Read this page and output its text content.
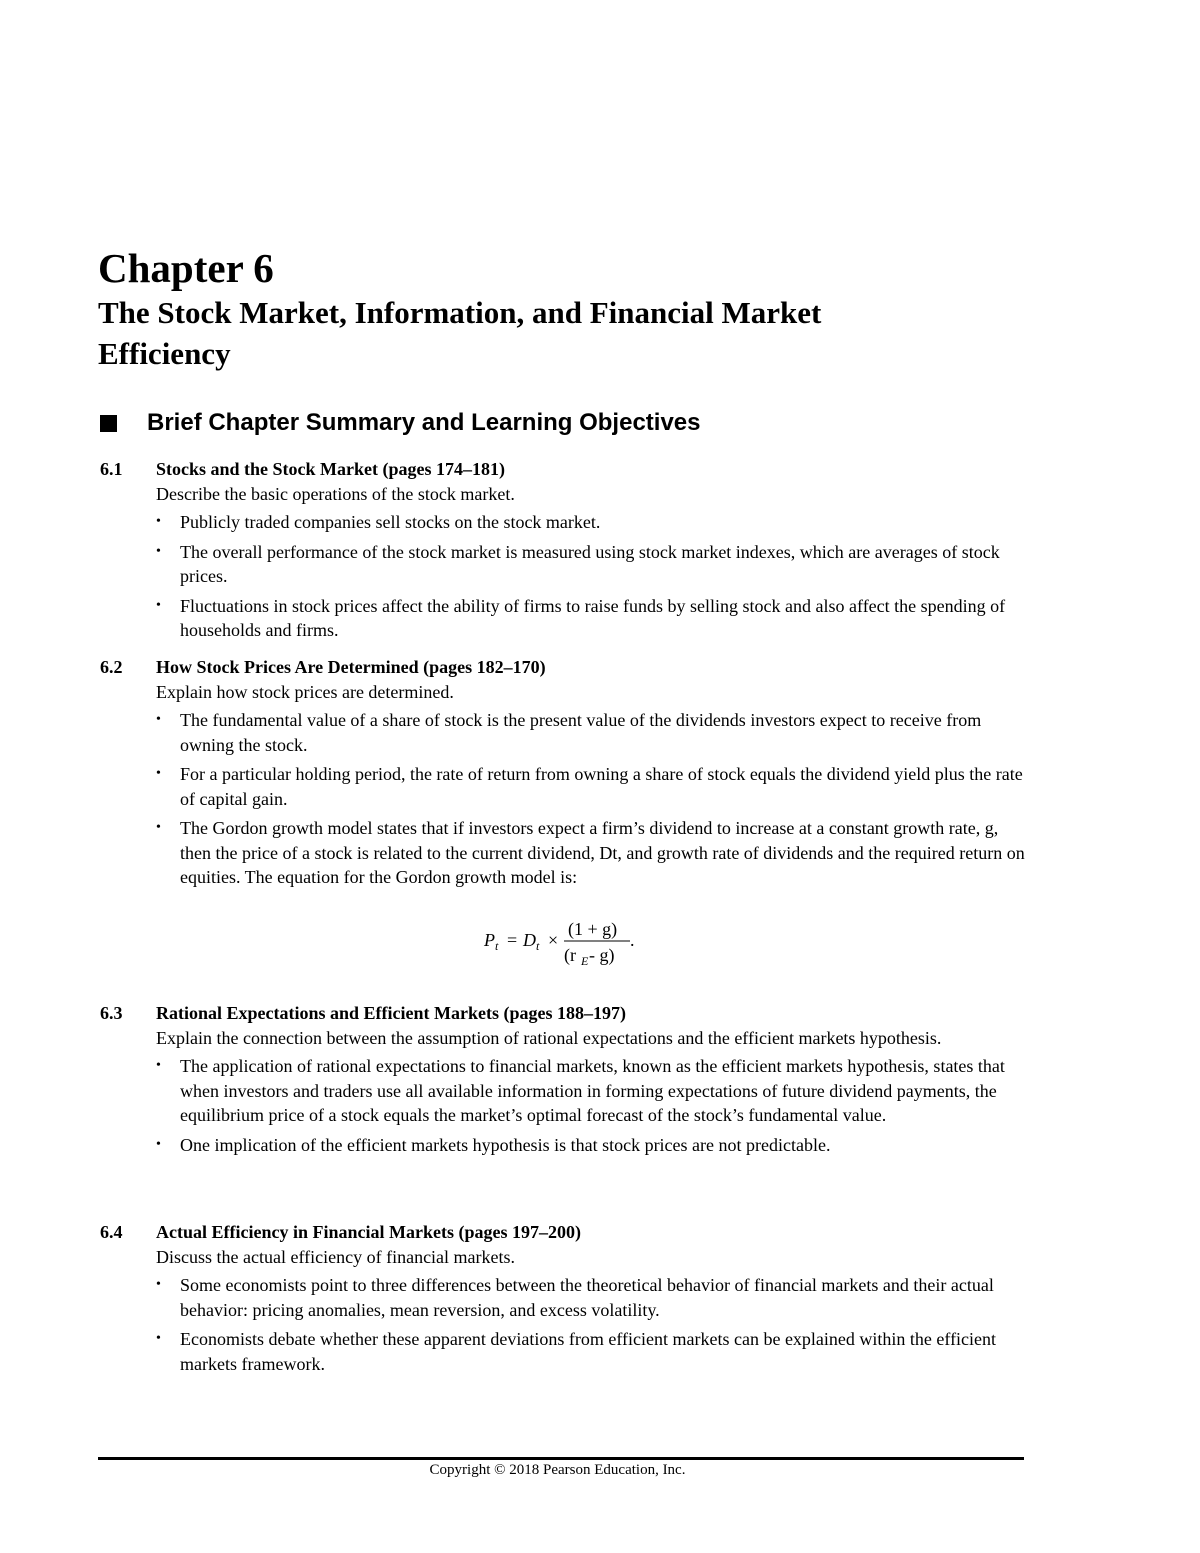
Chapter 6
The Stock Market, Information, and Financial Market Efficiency
Brief Chapter Summary and Learning Objectives
6.1	Stocks and the Stock Market (pages 174–181)
Describe the basic operations of the stock market.
• Publicly traded companies sell stocks on the stock market.
• The overall performance of the stock market is measured using stock market indexes, which are averages of stock prices.
• Fluctuations in stock prices affect the ability of firms to raise funds by selling stock and also affect the spending of households and firms.
6.2	How Stock Prices Are Determined (pages 182–170)
Explain how stock prices are determined.
• The fundamental value of a share of stock is the present value of the dividends investors expect to receive from owning the stock.
• For a particular holding period, the rate of return from owning a share of stock equals the dividend yield plus the rate of capital gain.
• The Gordon growth model states that if investors expect a firm’s dividend to increase at a constant growth rate, g, then the price of a stock is related to the current dividend, Dt, and growth rate of dividends and the required return on equities. The equation for the Gordon growth model is:
P t = D t ×
(1 + g)
(r E - g)
.
6.3	Rational Expectations and Efficient Markets (pages 188–197)
Explain the connection between the assumption of rational expectations and the efficient markets hypothesis.
• The application of rational expectations to financial markets, known as the efficient markets hypothesis, states that when investors and traders use all available information in forming expectations of future dividend payments, the equilibrium price of a stock equals the market’s optimal forecast of the stock’s fundamental value.
• One implication of the efficient markets hypothesis is that stock prices are not predictable.
6.4	Actual Efficiency in Financial Markets (pages 197–200)
Discuss the actual efficiency of financial markets.
• Some economists point to three differences between the theoretical behavior of financial markets and their actual behavior: pricing anomalies, mean reversion, and excess volatility.
• Economists debate whether these apparent deviations from efficient markets can be explained within the efficient markets framework.
Copyright © 2018 Pearson Education, Inc.
